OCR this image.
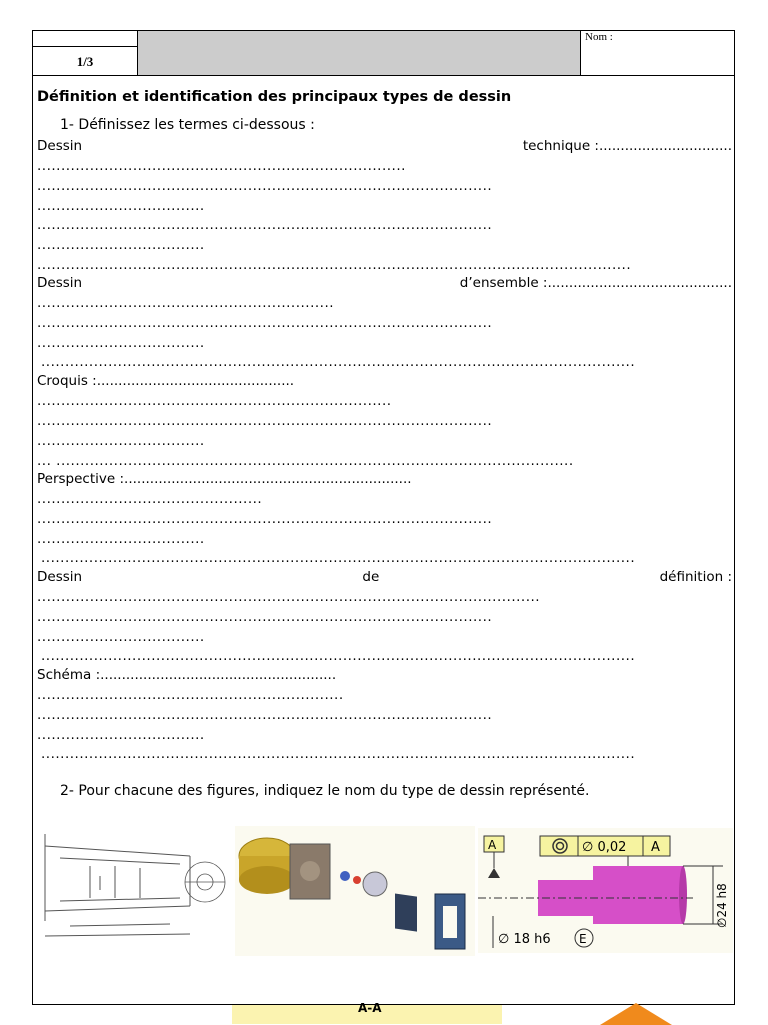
1/3
Nom :
Définition et identification des principaux types de dessin
1- Définissez les termes ci-dessous :
Dessin	technique :...............................
.............................................................................
...............................................................................................
...................................
...............................................................................................
...................................
............................................................................................................................
Dessin	d’ensemble :...........................................
..............................................................
...............................................................................................
...................................
............................................................................................................................
Croquis :..............................................
..........................................................................
...............................................................................................
...................................
... ............................................................................................................
Perspective :...................................................................
...............................................
...............................................................................................
...................................
............................................................................................................................
Dessin	de	définition :
.........................................................................................................
...............................................................................................
...................................
............................................................................................................................
Schéma :.......................................................
................................................................
...............................................................................................
...................................
............................................................................................................................
2- Pour chacune des figures, indiquez le nom du type de dessin représenté.
A	∅ 0,02 A
∅24 h8
∅ 18 h6 E
A-A
